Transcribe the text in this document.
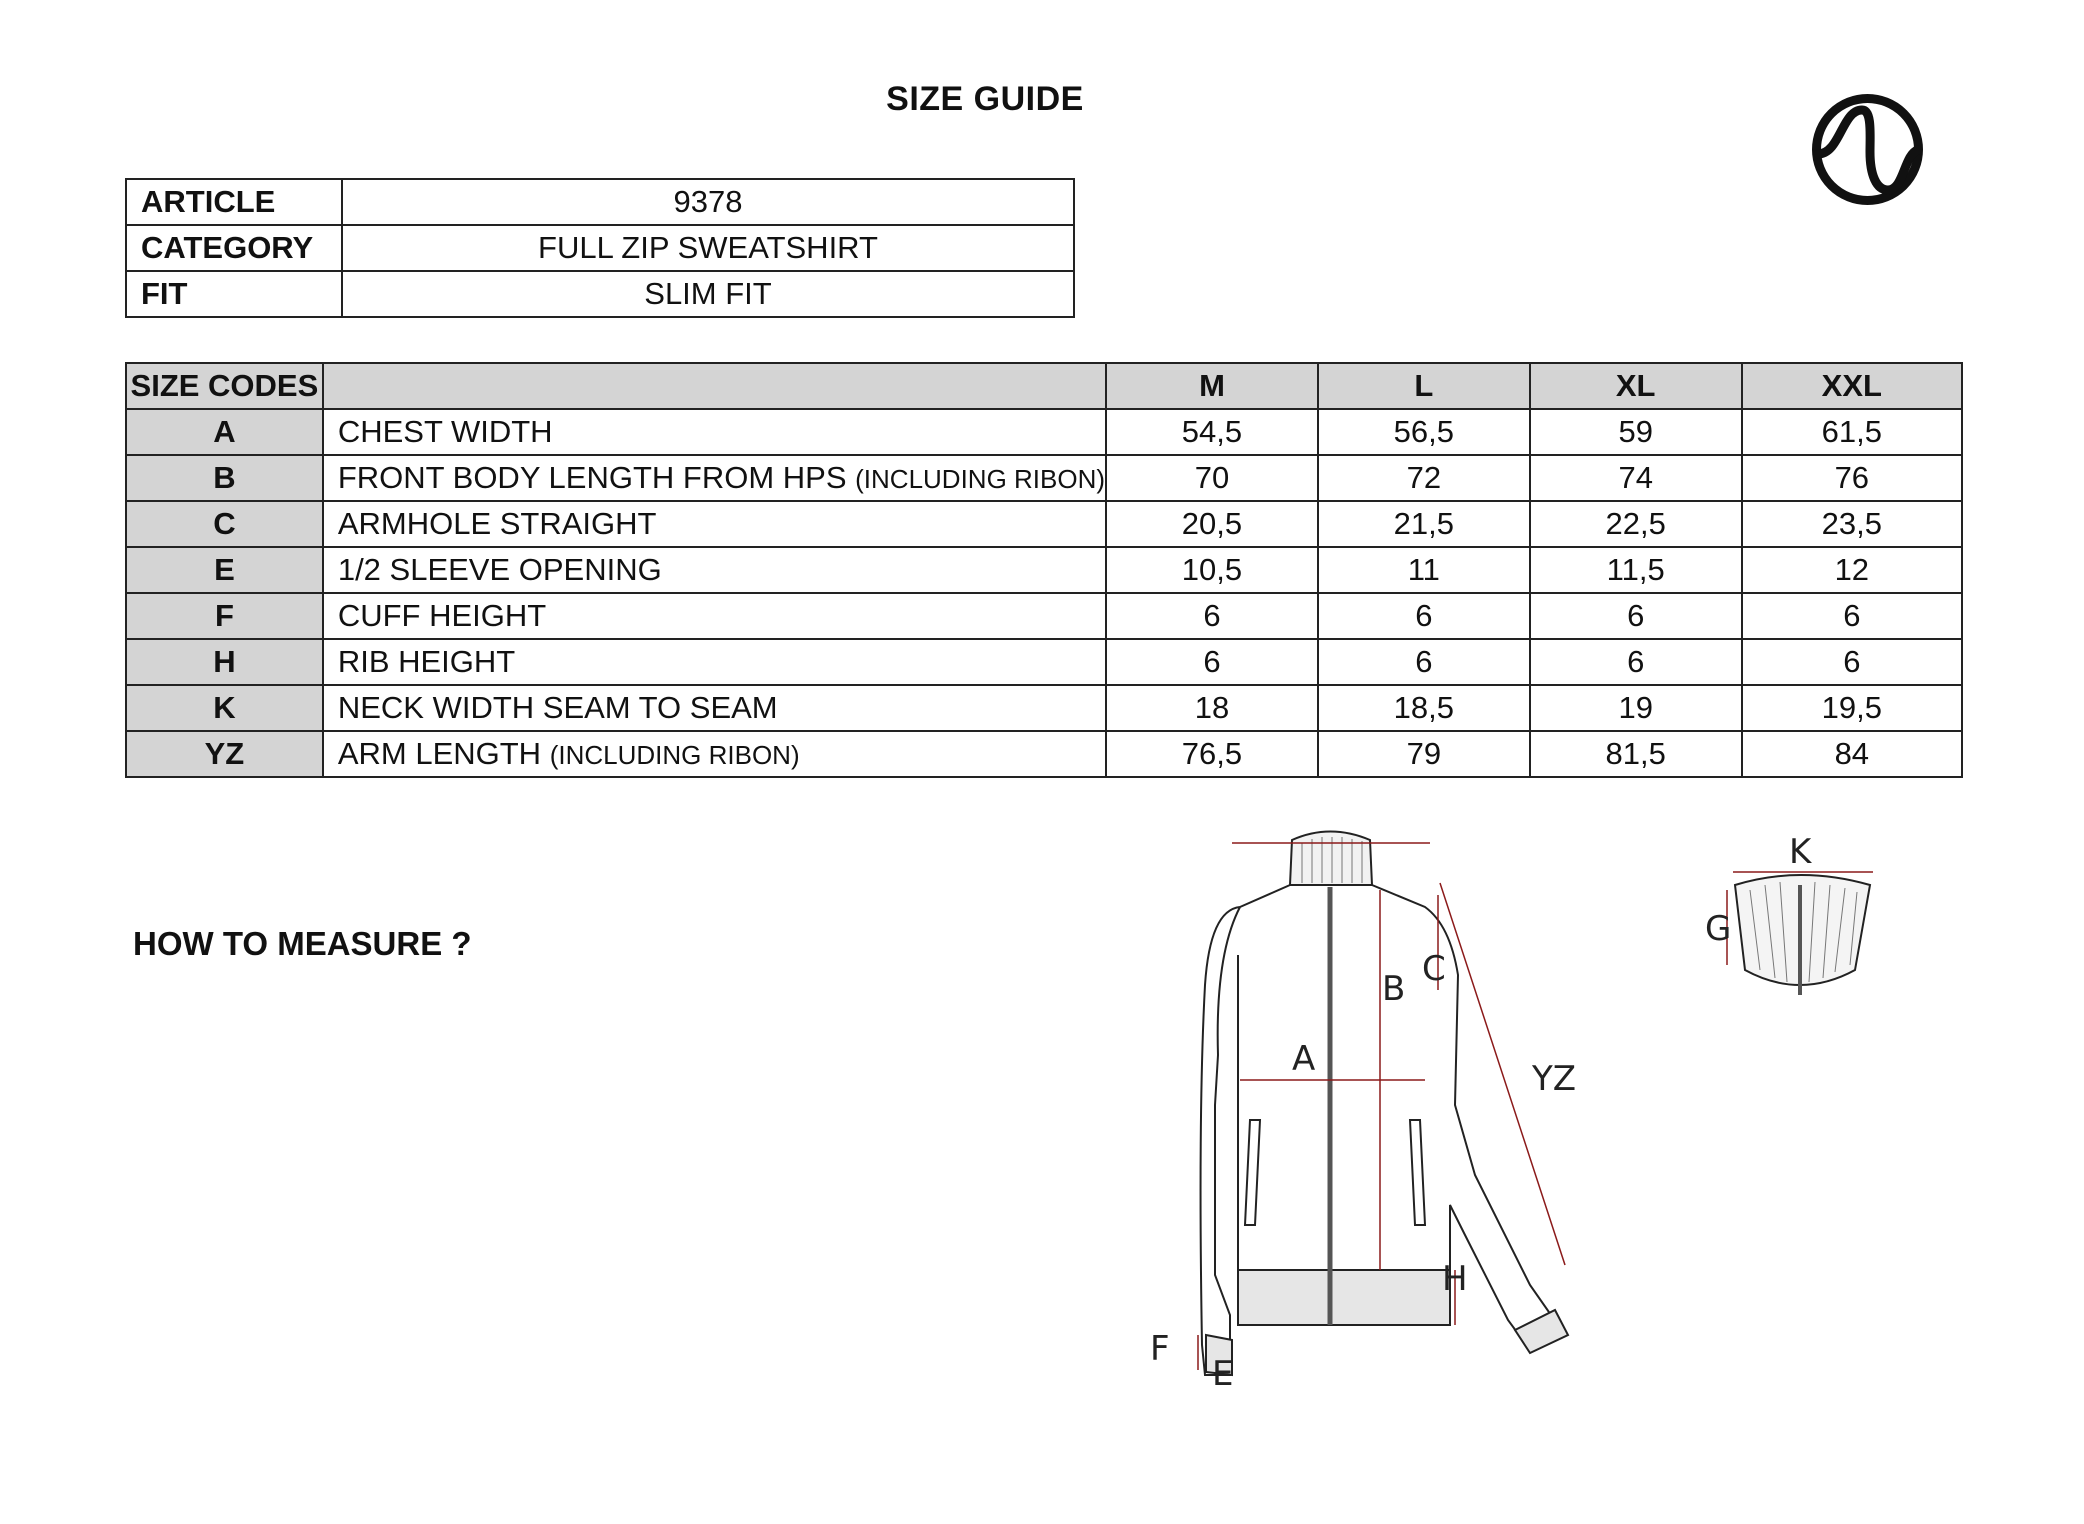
SIZE GUIDE
ARTICLE	9378
CATEGORY	FULL ZIP SWEATSHIRT
FIT	SLIM FIT
SIZE CODES		M	L	XL	XXL
A	CHEST WIDTH	54,5	56,5	59	61,5
B	FRONT BODY LENGTH FROM HPS (INCLUDING RIBON)	70	72	74	76
C	ARMHOLE STRAIGHT	20,5	21,5	22,5	23,5
E	1/2 SLEEVE OPENING	10,5	11	11,5	12
F	CUFF HEIGHT	6	6	6	6
H	RIB HEIGHT	6	6	6	6
K	NECK WIDTH SEAM TO SEAM	18	18,5	19	19,5
YZ	ARM LENGTH (INCLUDING RIBON)	76,5	79	81,5	84
HOW TO MEASURE ?
A
B C
YZ
H
F
E
K
G
